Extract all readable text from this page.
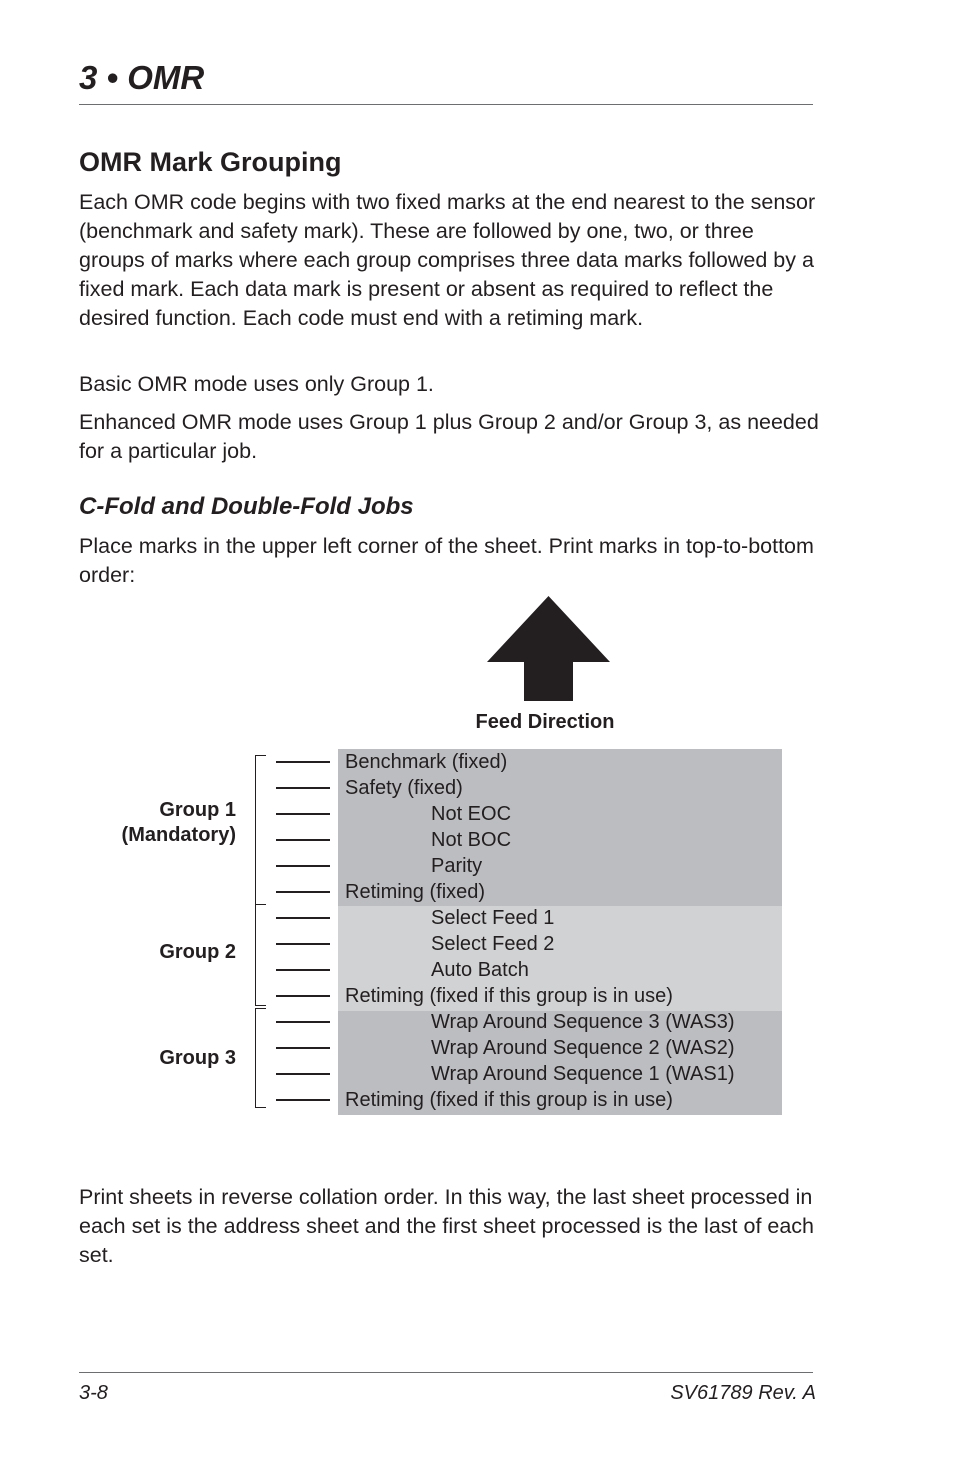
3 • OMR
OMR Mark Grouping

Each OMR code begins with two fixed marks at the end nearest to the sensor (benchmark and safety mark). These are followed by one, two, or three groups of marks where each group comprises three data marks followed by a fixed mark. Each data mark is present or absent as required to reflect the desired function. Each code must end with a retiming mark.

Basic OMR mode uses only Group 1.

Enhanced OMR mode uses Group 1 plus Group 2 and/or Group 3, as needed for a particular job.

C-Fold and Double-Fold Jobs

Place marks in the upper left corner of the sheet. Print marks in top-to-bottom order:

Feed Direction
Group 1
(Mandatory)
Group 2
Group 3
Benchmark (fixed)
Safety (fixed)
Not EOC
Not BOC
Parity
Retiming (fixed)
Select Feed 1
Select Feed 2
Auto Batch
Retiming (fixed if this group is in use)
Wrap Around Sequence 3 (WAS3)
Wrap Around Sequence 2 (WAS2)
Wrap Around Sequence 1 (WAS1)
Retiming (fixed if this group is in use)

Print sheets in reverse collation order. In this way, the last sheet processed in each set is the address sheet and the first sheet processed is the last of each set.

3-8	SV61789 Rev. A
